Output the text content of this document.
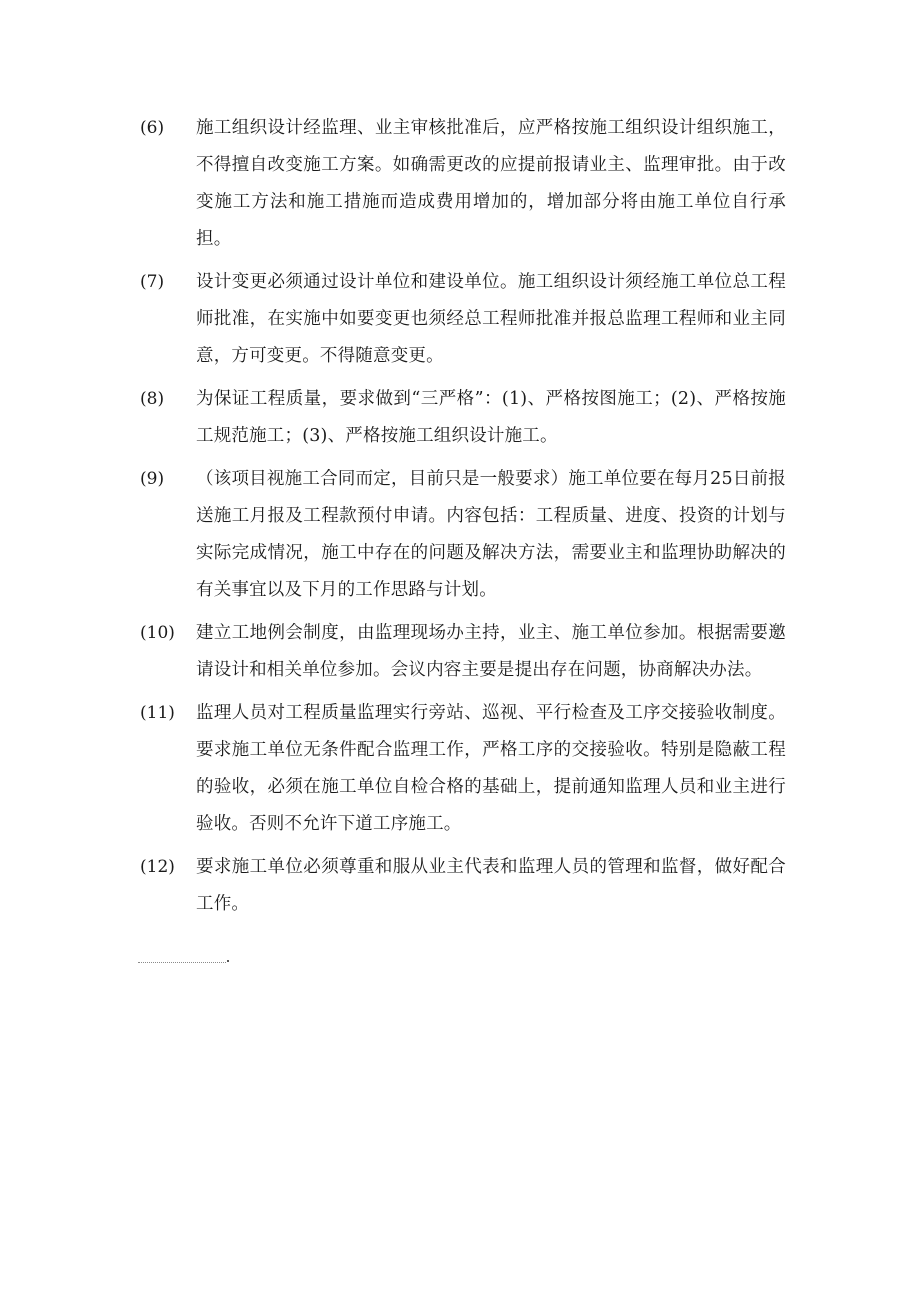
(6)	施工组织设计经监理、业主审核批准后，应严格按施工组织设计组织施工，不得擅自改变施工方案。如确需更改的应提前报请业主、监理审批。由于改变施工方法和施工措施而造成费用增加的，增加部分将由施工单位自行承担。
(7)	设计变更必须通过设计单位和建设单位。施工组织设计须经施工单位总工程师批准，在实施中如要变更也须经总工程师批准并报总监理工程师和业主同意，方可变更。不得随意变更。
(8)	为保证工程质量，要求做到“三严格”：(1)、严格按图施工；(2)、严格按施工规范施工；(3)、严格按施工组织设计施工。
(9)	（该项目视施工合同而定，目前只是一般要求）施工单位要在每月25日前报送施工月报及工程款预付申请。内容包括：工程质量、进度、投资的计划与实际完成情况，施工中存在的问题及解决方法，需要业主和监理协助解决的有关事宜以及下月的工作思路与计划。
(10)	建立工地例会制度，由监理现场办主持，业主、施工单位参加。根据需要邀请设计和相关单位参加。会议内容主要是提出存在问题，协商解决办法。
(11)	监理人员对工程质量监理实行旁站、巡视、平行检查及工序交接验收制度。要求施工单位无条件配合监理工作，严格工序的交接验收。特别是隐蔽工程的验收，必须在施工单位自检合格的基础上，提前通知监理人员和业主进行验收。否则不允许下道工序施工。
(12)	要求施工单位必须尊重和服从业主代表和监理人员的管理和监督，做好配合工作。
